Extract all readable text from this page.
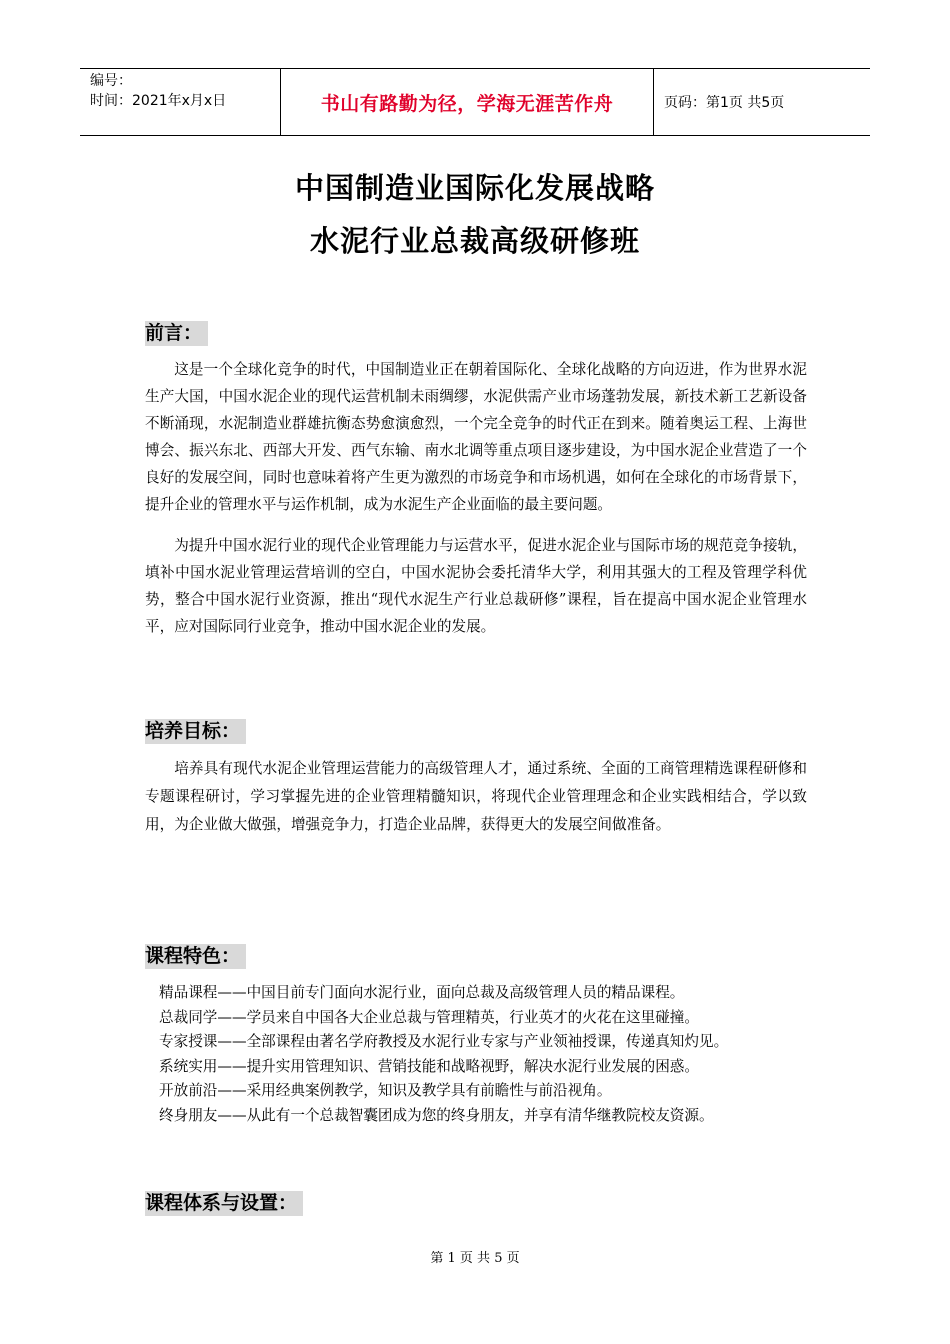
编号：
时间：2021年x月x日	书山有路勤为径，学海无涯苦作舟	页码：第1页 共5页
中国制造业国际化发展战略
水泥行业总裁高级研修班
前言：

这是一个全球化竞争的时代，中国制造业正在朝着国际化、全球化战略的方向迈进，作为世界水泥生产大国，中国水泥企业的现代运营机制未雨绸缪，水泥供需产业市场蓬勃发展，新技术新工艺新设备不断涌现，水泥制造业群雄抗衡态势愈演愈烈，一个完全竞争的时代正在到来。随着奥运工程、上海世博会、振兴东北、西部大开发、西气东输、南水北调等重点项目逐步建设，为中国水泥企业营造了一个良好的发展空间，同时也意味着将产生更为激烈的市场竞争和市场机遇，如何在全球化的市场背景下，提升企业的管理水平与运作机制，成为水泥生产企业面临的最主要问题。

为提升中国水泥行业的现代企业管理能力与运营水平，促进水泥企业与国际市场的规范竞争接轨，填补中国水泥业管理运营培训的空白，中国水泥协会委托清华大学，利用其强大的工程及管理学科优势，整合中国水泥行业资源，推出“现代水泥生产行业总裁研修”课程，旨在提高中国水泥企业管理水平，应对国际同行业竞争，推动中国水泥企业的发展。

培养目标：

培养具有现代水泥企业管理运营能力的高级管理人才，通过系统、全面的工商管理精选课程研修和专题课程研讨，学习掌握先进的企业管理精髓知识，将现代企业管理理念和企业实践相结合，学以致用，为企业做大做强，增强竞争力，打造企业品牌，获得更大的发展空间做准备。

课程特色：
精品课程——中国目前专门面向水泥行业，面向总裁及高级管理人员的精品课程。
总裁同学——学员来自中国各大企业总裁与管理精英，行业英才的火花在这里碰撞。
专家授课——全部课程由著名学府教授及水泥行业专家与产业领袖授课，传递真知灼见。
系统实用——提升实用管理知识、营销技能和战略视野，解决水泥行业发展的困惑。
开放前沿——采用经典案例教学，知识及教学具有前瞻性与前沿视角。
终身朋友——从此有一个总裁智囊团成为您的终身朋友，并享有清华继教院校友资源。
课程体系与设置：
第 1 页 共 5 页
